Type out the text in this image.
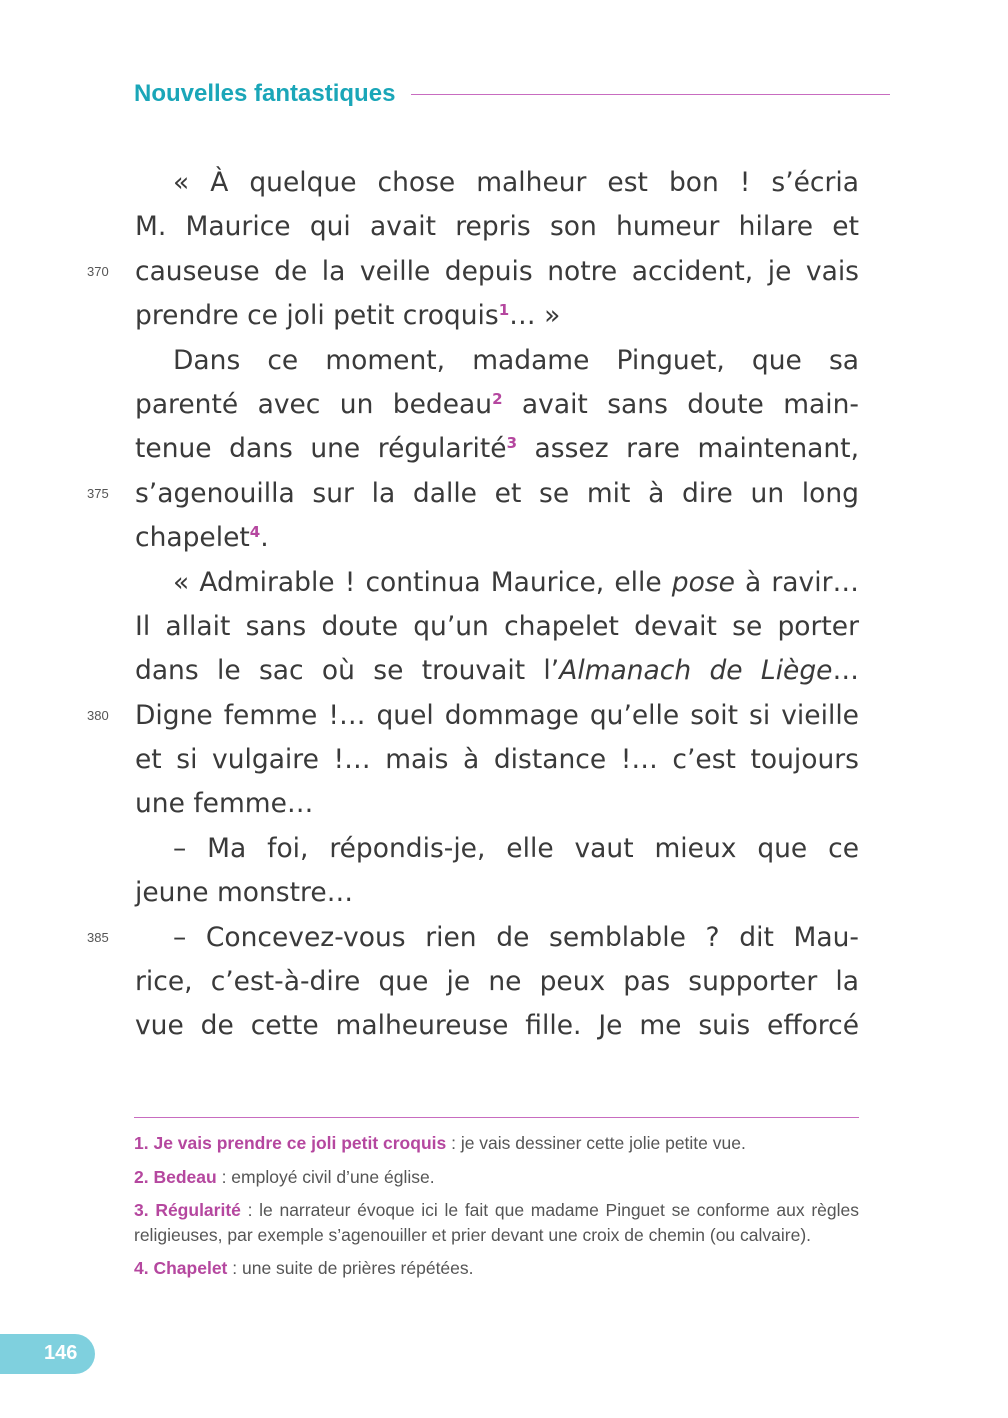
Nouvelles fantastiques
« À quelque chose malheur est bon ! s’écria
M. Maurice qui avait repris son humeur hilare et
370 causeuse de la veille depuis notre accident, je vais
prendre ce joli petit croquis$^1$… »
Dans ce moment, madame Pinguet, que sa
parenté avec un bedeau$^2$ avait sans doute main-
tenue dans une régularité$^3$ assez rare maintenant,
375 s’agenouilla sur la dalle et se mit à dire un long
chapelet$^4$.
« Admirable ! continua Maurice, elle pose à ravir…
Il allait sans doute qu’un chapelet devait se porter
dans le sac où se trouvait l’Almanach de Liège…
380 Digne femme !… quel dommage qu’elle soit si vieille
et si vulgaire !… mais à distance !… c’est toujours
une femme…
– Ma foi, répondis-je, elle vaut mieux que ce
jeune monstre…
385 – Concevez-vous rien de semblable ? dit Mau-
rice, c’est-à-dire que je ne peux pas supporter la
vue de cette malheureuse fille. Je me suis efforcé
1. Je vais prendre ce joli petit croquis : je vais dessiner cette jolie petite vue.
2. Bedeau : employé civil d’une église.
3. Régularité : le narrateur évoque ici le fait que madame Pinguet se conforme aux règles religieuses, par exemple s’agenouiller et prier devant une croix de chemin (ou calvaire).
4. Chapelet : une suite de prières répétées.
146
